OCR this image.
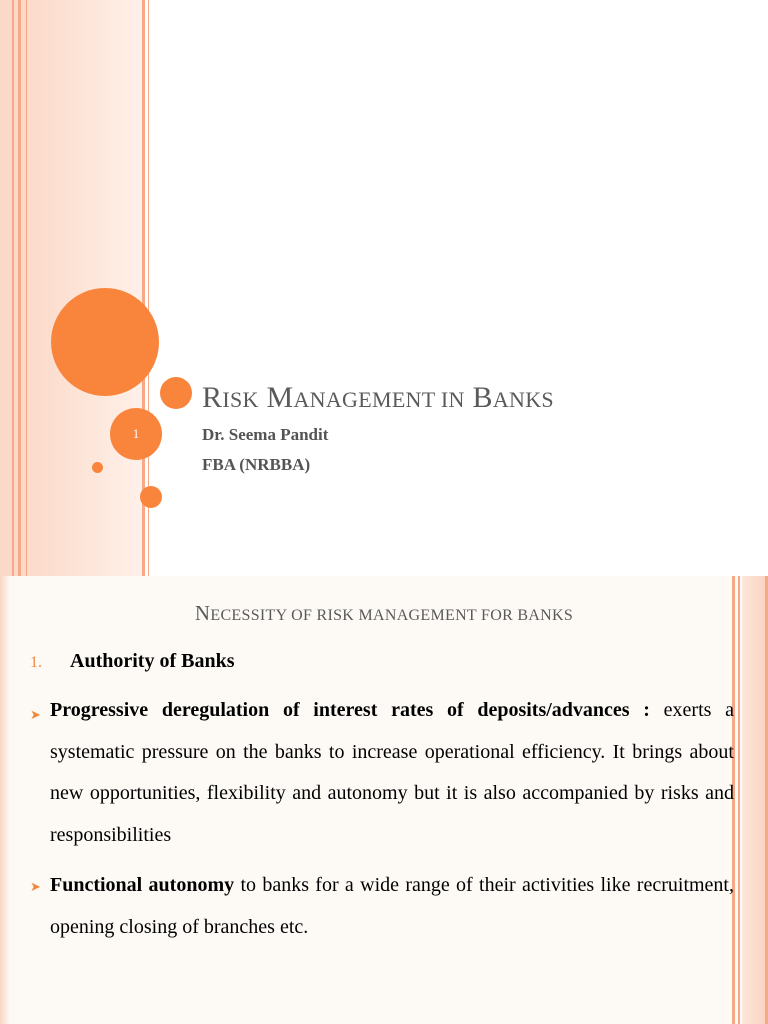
1
RISK MANAGEMENT IN BANKS
Dr. Seema Pandit
FBA (NRBBA)
NECESSITY OF RISK MANAGEMENT FOR BANKS
1. Authority of Banks
➤ Progressive deregulation of interest rates of deposits/advances : exerts a systematic pressure on the banks to increase operational efficiency. It brings about new opportunities, flexibility and autonomy but it is also accompanied by risks and responsibilities
➤ Functional autonomy to banks for a wide range of their activities like recruitment, opening closing of branches etc.
